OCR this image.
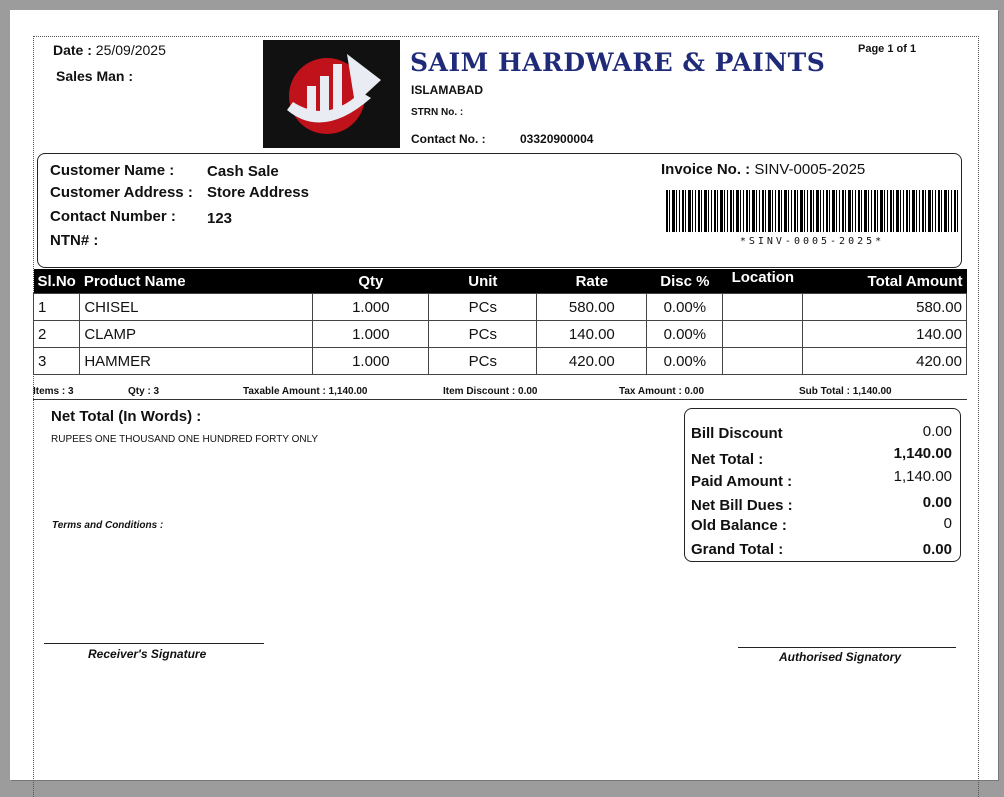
Date : 25/09/2025
Sales Man :	SAIM HARDWARE & PAINTS
ISLAMABAD
STRN No. :
Contact No. :	03320900004
Page 1 of 1
Customer Name : Cash Sale
Customer Address : Store Address
Contact Number : 123
NTN# :
Invoice No. : SINV-0005-2025
*SINV-0005-2025*
Sl.No	Product Name	Qty	Unit	Rate	Disc %	Location	Total Amount
1	CHISEL	1.000	PCs	580.00	0.00%		580.00
2	CLAMP	1.000	PCs	140.00	0.00%		140.00
3	HAMMER	1.000	PCs	420.00	0.00%		420.00
Items : 3	Qty : 3	Taxable Amount : 1,140.00	Item Discount : 0.00	Tax Amount : 0.00	Sub Total : 1,140.00
Net Total (In Words) :
RUPEES ONE THOUSAND ONE HUNDRED FORTY ONLY
Terms and Conditions :
Bill Discount	0.00
Net Total :	1,140.00
Paid Amount :	1,140.00
Net Bill Dues :	0.00
Old Balance :	0
Grand Total :	0.00
Receiver's Signature	Authorised Signatory
